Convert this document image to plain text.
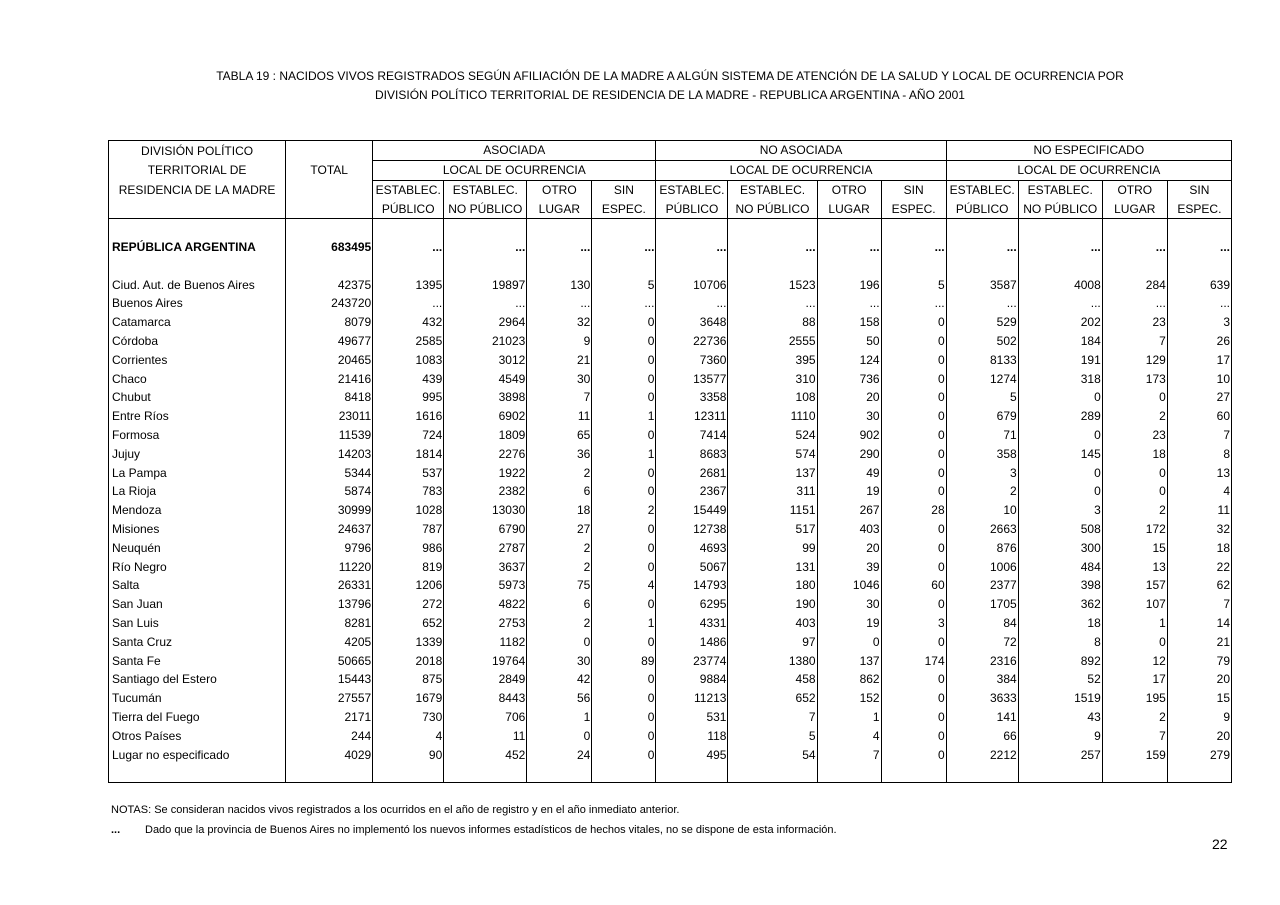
TABLA 19 : NACIDOS VIVOS REGISTRADOS SEGÚN AFILIACIÓN DE LA MADRE A ALGÚN SISTEMA DE ATENCIÓN DE LA SALUD Y LOCAL DE OCURRENCIA POR
DIVISIÓN POLÍTICO TERRITORIAL DE RESIDENCIA DE LA MADRE - REPUBLICA ARGENTINA - AÑO 2001
DIVISIÓN POLÍTICO		ASOCIADA				NO ASOCIADA				NO ESPECIFICADO			
TERRITORIAL DE	TOTAL	LOCAL DE OCURRENCIA				LOCAL DE OCURRENCIA				LOCAL DE OCURRENCIA			
RESIDENCIA DE LA MADRE		ESTABLEC.	ESTABLEC.	OTRO	SIN	ESTABLEC.	ESTABLEC.	OTRO	SIN	ESTABLEC.	ESTABLEC.	OTRO	SIN
		PÚBLICO	NO PÚBLICO	LUGAR	ESPEC.	PÚBLICO	NO PÚBLICO	LUGAR	ESPEC.	PÚBLICO	NO PÚBLICO	LUGAR	ESPEC.

REPÚBLICA ARGENTINA	683495	...	...	...	...	...	...	...	...	...	...	...	...

Ciud. Aut. de Buenos Aires	42375	1395	19897	130	5	10706	1523	196	5	3587	4008	284	639
Buenos Aires	243720	...	...	...	...	...	...	...	...	...	...	...	...
Catamarca	8079	432	2964	32	0	3648	88	158	0	529	202	23	3
Córdoba	49677	2585	21023	9	0	22736	2555	50	0	502	184	7	26
Corrientes	20465	1083	3012	21	0	7360	395	124	0	8133	191	129	17
Chaco	21416	439	4549	30	0	13577	310	736	0	1274	318	173	10
Chubut	8418	995	3898	7	0	3358	108	20	0	5	0	0	27
Entre Ríos	23011	1616	6902	11	1	12311	1110	30	0	679	289	2	60
Formosa	11539	724	1809	65	0	7414	524	902	0	71	0	23	7
Jujuy	14203	1814	2276	36	1	8683	574	290	0	358	145	18	8
La Pampa	5344	537	1922	2	0	2681	137	49	0	3	0	0	13
La Rioja	5874	783	2382	6	0	2367	311	19	0	2	0	0	4
Mendoza	30999	1028	13030	18	2	15449	1151	267	28	10	3	2	11
Misiones	24637	787	6790	27	0	12738	517	403	0	2663	508	172	32
Neuquén	9796	986	2787	2	0	4693	99	20	0	876	300	15	18
Río Negro	11220	819	3637	2	0	5067	131	39	0	1006	484	13	22
Salta	26331	1206	5973	75	4	14793	180	1046	60	2377	398	157	62
San Juan	13796	272	4822	6	0	6295	190	30	0	1705	362	107	7
San Luis	8281	652	2753	2	1	4331	403	19	3	84	18	1	14
Santa Cruz	4205	1339	1182	0	0	1486	97	0	0	72	8	0	21
Santa Fe	50665	2018	19764	30	89	23774	1380	137	174	2316	892	12	79
Santiago del Estero	15443	875	2849	42	0	9884	458	862	0	384	52	17	20
Tucumán	27557	1679	8443	56	0	11213	652	152	0	3633	1519	195	15
Tierra del Fuego	2171	730	706	1	0	531	7	1	0	141	43	2	9
Otros Países	244	4	11	0	0	118	5	4	0	66	9	7	20
Lugar no especificado	4029	90	452	24	0	495	54	7	0	2212	257	159	279

NOTAS: Se consideran nacidos vivos registrados a los ocurridos en el año de registro y en el año inmediato anterior.
... Dado que la provincia de Buenos Aires no implementó los nuevos informes estadísticos de hechos vitales, no se dispone de esta información.
22
